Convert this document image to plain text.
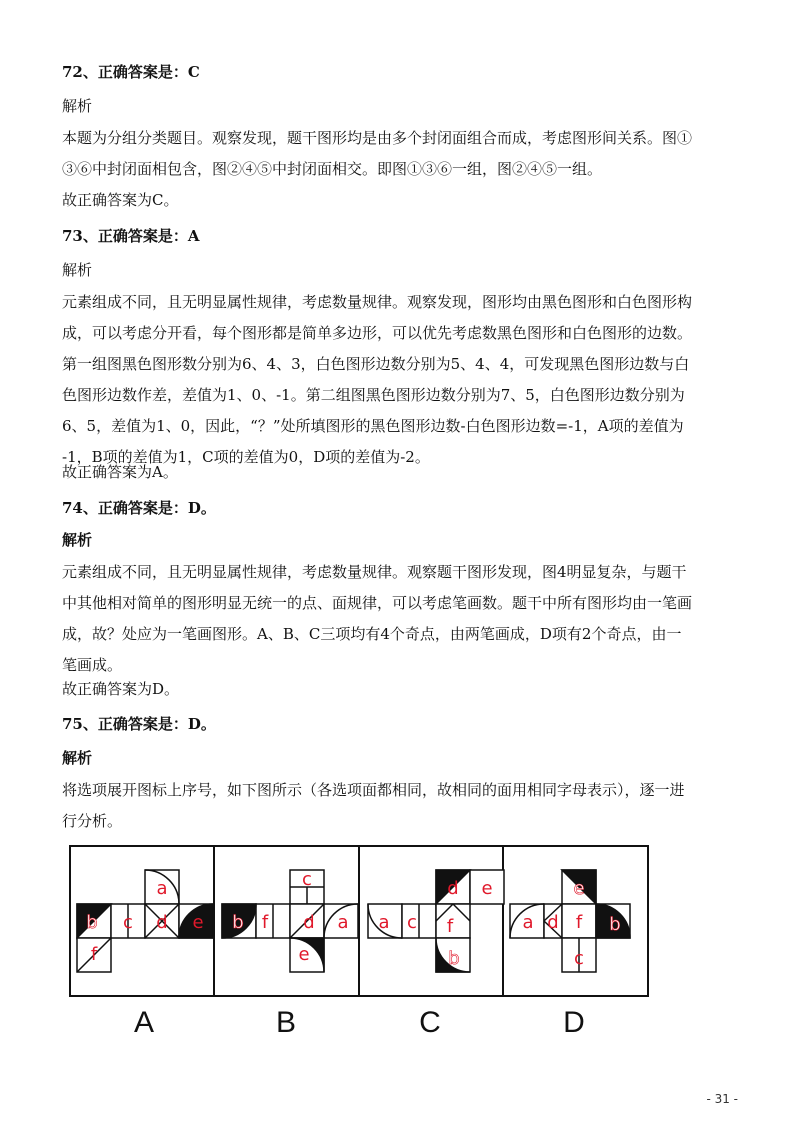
72、正确答案是：C
解析
本题为分组分类题目。观察发现，题干图形均是由多个封闭面组合而成，考虑图形间关系。图①
③⑥中封闭面相包含，图②④⑤中封闭面相交。即图①③⑥一组，图②④⑤一组。
故正确答案为C。
73、正确答案是：A
解析
元素组成不同，且无明显属性规律，考虑数量规律。观察发现，图形均由黑色图形和白色图形构
成，可以考虑分开看，每个图形都是简单多边形，可以优先考虑数黑色图形和白色图形的边数。
第一组图黑色图形数分别为6、4、3，白色图形边数分别为5、4、4，可发现黑色图形边数与白
色图形边数作差，差值为1、0、-1。第二组图黑色图形边数分别为7、5，白色图形边数分别为
6、5，差值为1、0，因此，“？”处所填图形的黑色图形边数-白色图形边数=-1，A项的差值为
-1，B项的差值为1，C项的差值为0，D项的差值为-2。
故正确答案为A。
74、正确答案是：D。
解析
元素组成不同，且无明显属性规律，考虑数量规律。观察题干图形发现，图4明显复杂，与题干
中其他相对简单的图形明显无统一的点、面规律，可以考虑笔画数。题干中所有图形均由一笔画
成，故？处应为一笔画图形。A、B、C三项均有4个奇点，由两笔画成，D项有2个奇点，由一
笔画成。
故正确答案为D。
75、正确答案是：D。
解析
将选项展开图标上序号，如下图所示（各选项面都相同，故相同的面用相同字母表示），逐一进
行分析。
a
b c d e
f
c
b f d a
e
d e
a c f
b
e
a d f b
c
A	B	C	D
- 31 -
